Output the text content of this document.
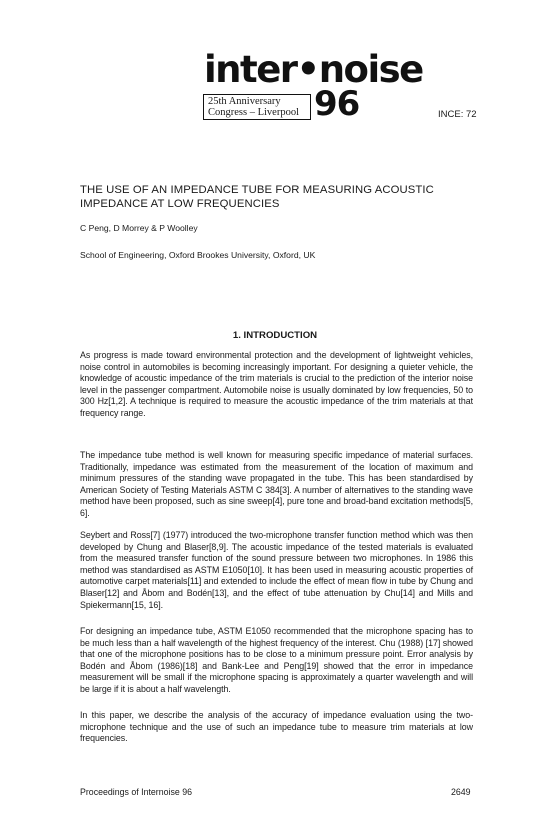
inter•noise
25th Anniversary
Congress – Liverpool 96	INCE: 72
THE USE OF AN IMPEDANCE TUBE FOR MEASURING ACOUSTIC
IMPEDANCE AT LOW FREQUENCIES
C Peng, D Morrey & P Woolley
School of Engineering, Oxford Brookes University, Oxford, UK
1. INTRODUCTION

As progress is made toward environmental protection and the development of lightweight vehicles, noise control in automobiles is becoming increasingly important. For designing a quieter vehicle, the knowledge of acoustic impedance of the trim materials is crucial to the prediction of the interior noise level in the passenger compartment. Automobile noise is usually dominated by low frequencies, 50 to 300 Hz[1,2]. A technique is required to measure the acoustic impedance of the trim materials at that frequency range.

The impedance tube method is well known for measuring specific impedance of material surfaces. Traditionally, impedance was estimated from the measurement of the location of maximum and minimum pressures of the standing wave propagated in the tube. This has been standardised by American Society of Testing Materials ASTM C 384[3]. A number of alternatives to the standing wave method have been proposed, such as sine sweep[4], pure tone and broad-band excitation methods[5, 6].

Seybert and Ross[7] (1977) introduced the two-microphone transfer function method which was then developed by Chung and Blaser[8,9]. The acoustic impedance of the tested materials is evaluated from the measured transfer function of the sound pressure between two microphones. In 1986 this method was standardised as ASTM E1050[10]. It has been used in measuring acoustic properties of automotive carpet materials[11] and extended to include the effect of mean flow in tube by Chung and Blaser[12] and Åbom and Bodén[13], and the effect of tube attenuation by Chu[14] and Mills and Spiekermann[15, 16].

For designing an impedance tube, ASTM E1050 recommended that the microphone spacing has to be much less than a half wavelength of the highest frequency of the interest. Chu (1988) [17] showed that one of the microphone positions has to be close to a minimum pressure point. Error analysis by Bodén and Åbom (1986)[18] and Bank-Lee and Peng[19] showed that the error in impedance measurement will be small if the microphone spacing is approximately a quarter wavelength and will be large if it is about a half wavelength.

In this paper, we describe the analysis of the accuracy of impedance evaluation using the two-microphone technique and the use of such an impedance tube to measure trim materials at low frequencies.

Proceedings of Internoise 96	2649
